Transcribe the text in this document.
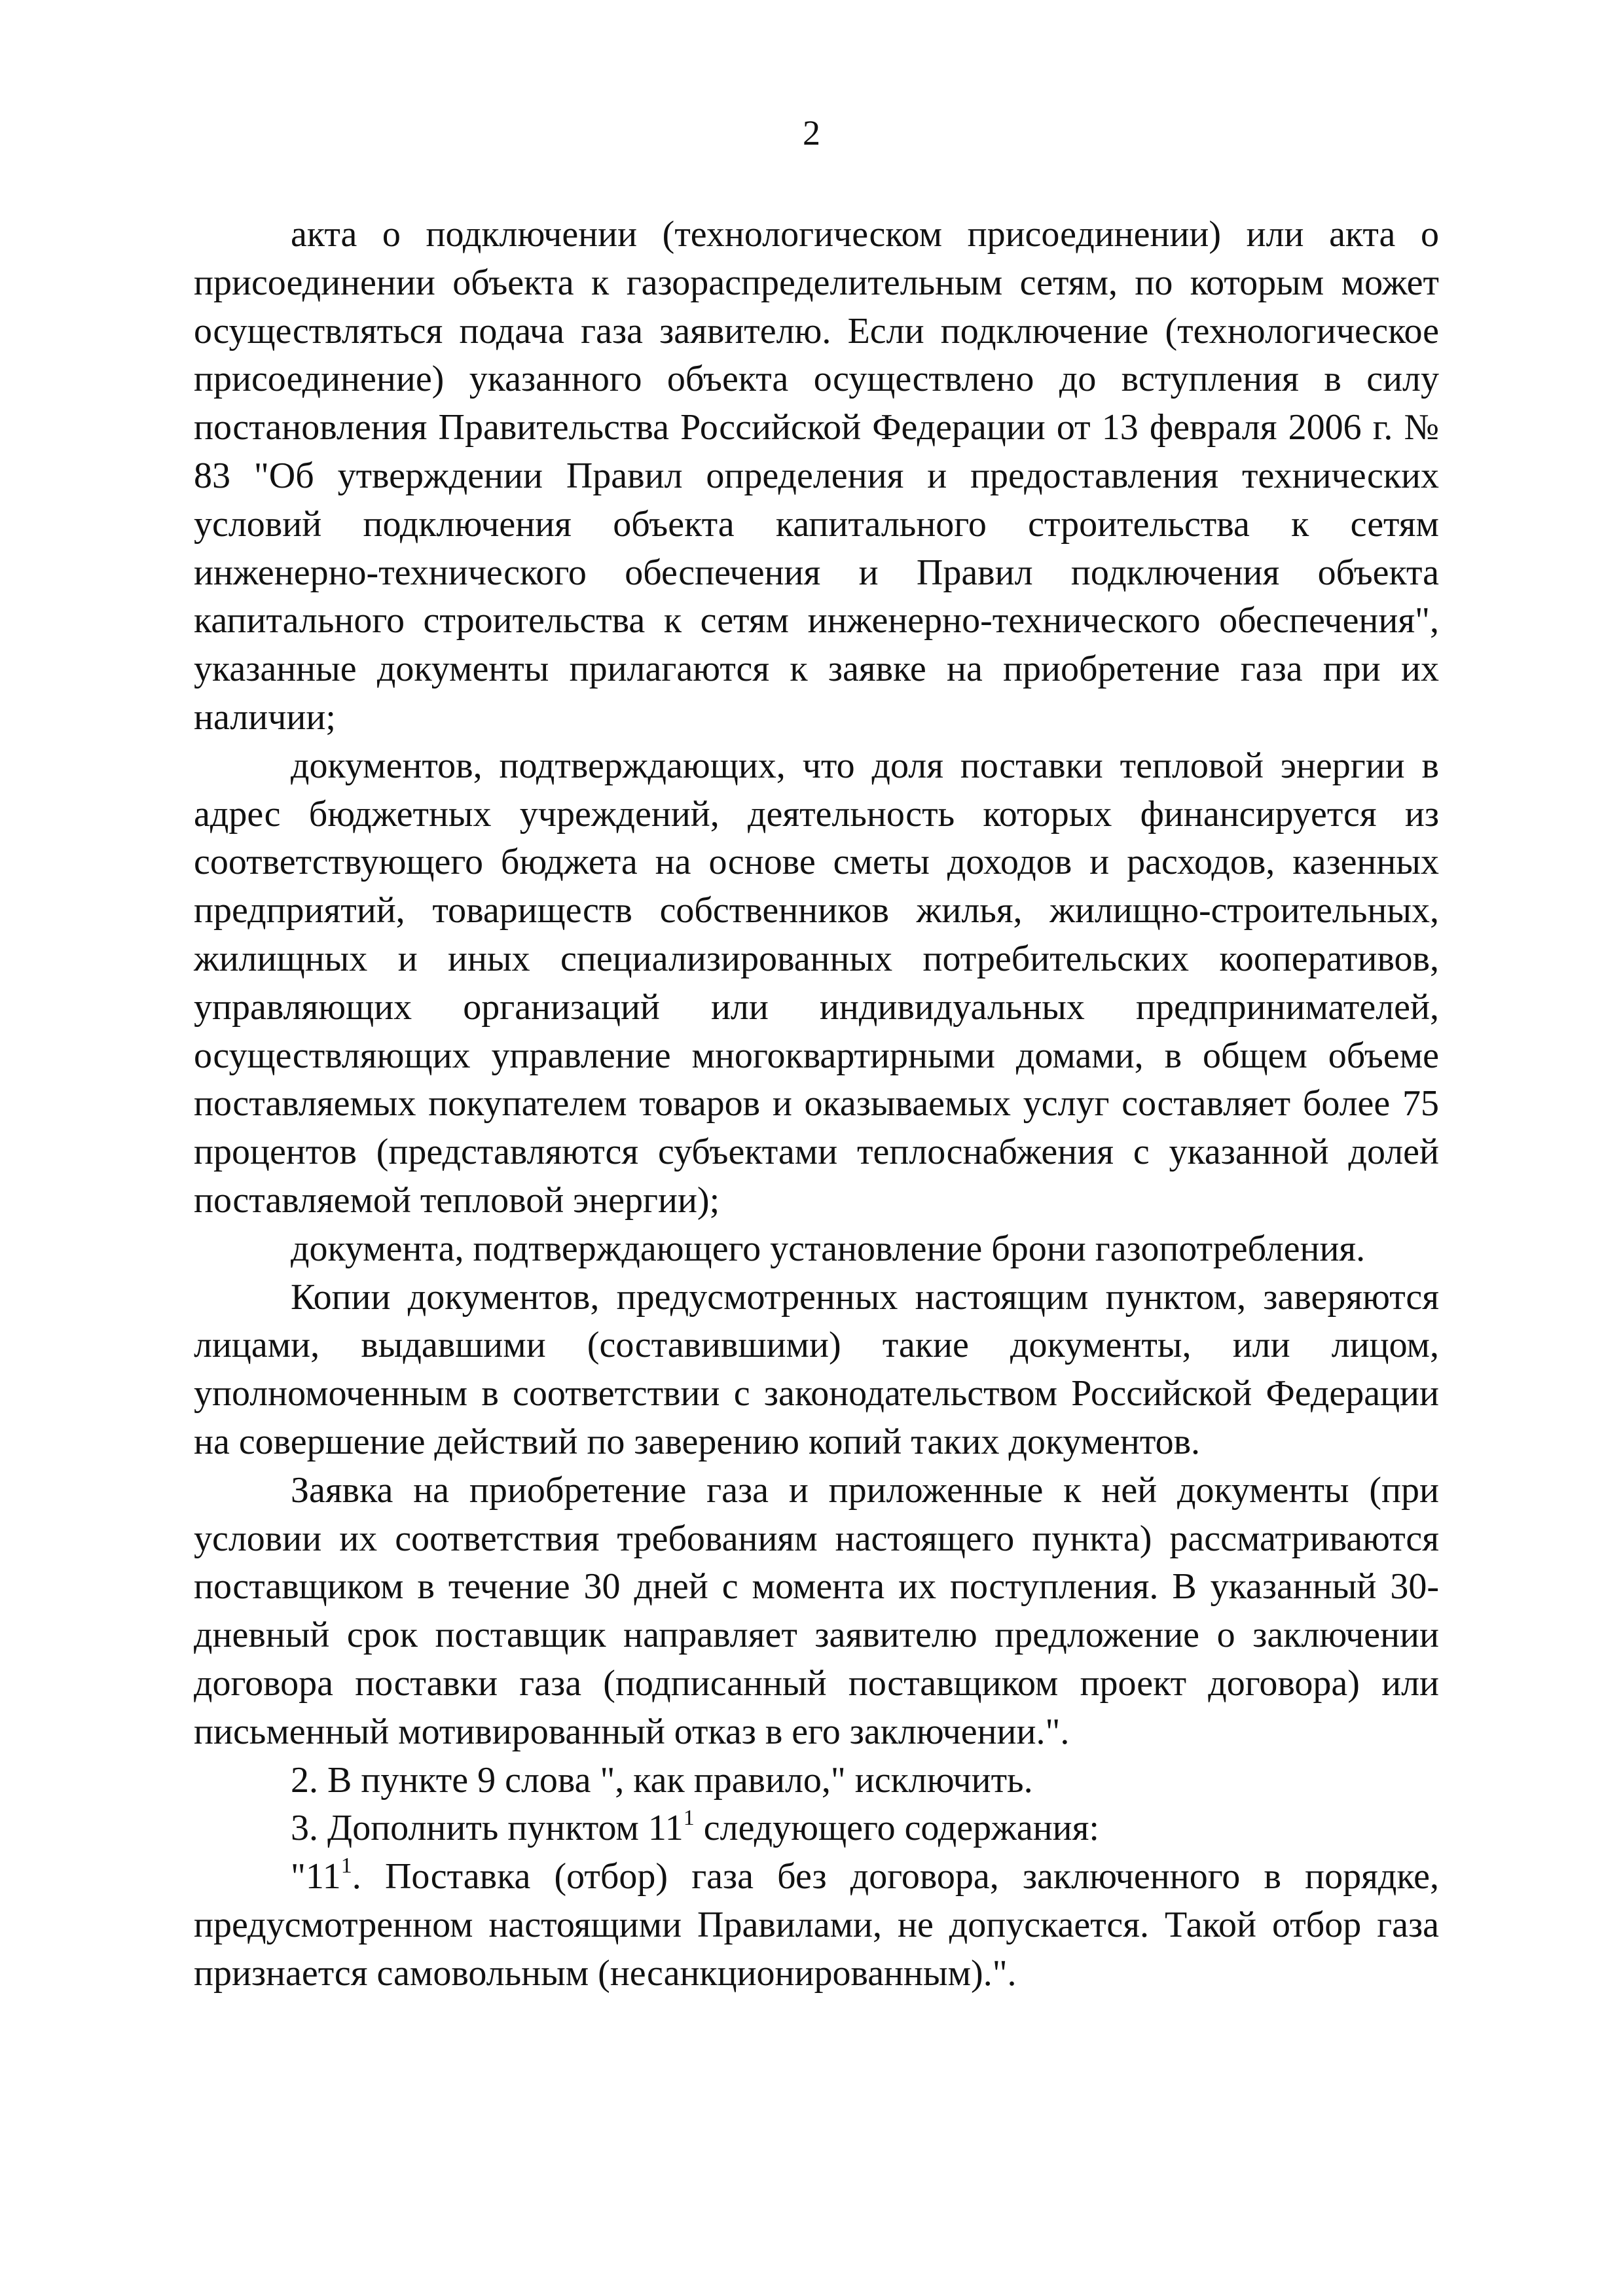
2

акта о подключении (технологическом присоединении) или акта о присоединении объекта к газораспределительным сетям, по которым может осуществляться подача газа заявителю. Если подключение (технологическое присоединение) указанного объекта осуществлено до вступления в силу постановления Правительства Российской Федерации от 13 февраля 2006 г. № 83 "Об утверждении Правил определения и предоставления технических условий подключения объекта капитального строительства к сетям инженерно-технического обеспечения и Правил подключения объекта капитального строительства к сетям инженерно-технического обеспечения", указанные документы прилагаются к заявке на приобретение газа при их наличии;

документов, подтверждающих, что доля поставки тепловой энергии в адрес бюджетных учреждений, деятельность которых финансируется из соответствующего бюджета на основе сметы доходов и расходов, казенных предприятий, товариществ собственников жилья, жилищно-строительных, жилищных и иных специализированных потребительских кооперативов, управляющих организаций или индивидуальных предпринимателей, осуществляющих управление многоквартирными домами, в общем объеме поставляемых покупателем товаров и оказываемых услуг составляет более 75 процентов (представляются субъектами теплоснабжения с указанной долей поставляемой тепловой энергии);

документа, подтверждающего установление брони газопотребления.

Копии документов, предусмотренных настоящим пунктом, заверяются лицами, выдавшими (составившими) такие документы, или лицом, уполномоченным в соответствии с законодательством Российской Федерации на совершение действий по заверению копий таких документов.

Заявка на приобретение газа и приложенные к ней документы (при условии их соответствия требованиям настоящего пункта) рассматриваются поставщиком в течение 30 дней с момента их поступления. В указанный 30-дневный срок поставщик направляет заявителю предложение о заключении договора поставки газа (подписанный поставщиком проект договора) или письменный мотивированный отказ в его заключении.".

2. В пункте 9 слова ", как правило," исключить.

3. Дополнить пунктом $11^1$ следующего содержания:

"$11^1$. Поставка (отбор) газа без договора, заключенного в порядке, предусмотренном настоящими Правилами, не допускается. Такой отбор газа признается самовольным (несанкционированным).".
